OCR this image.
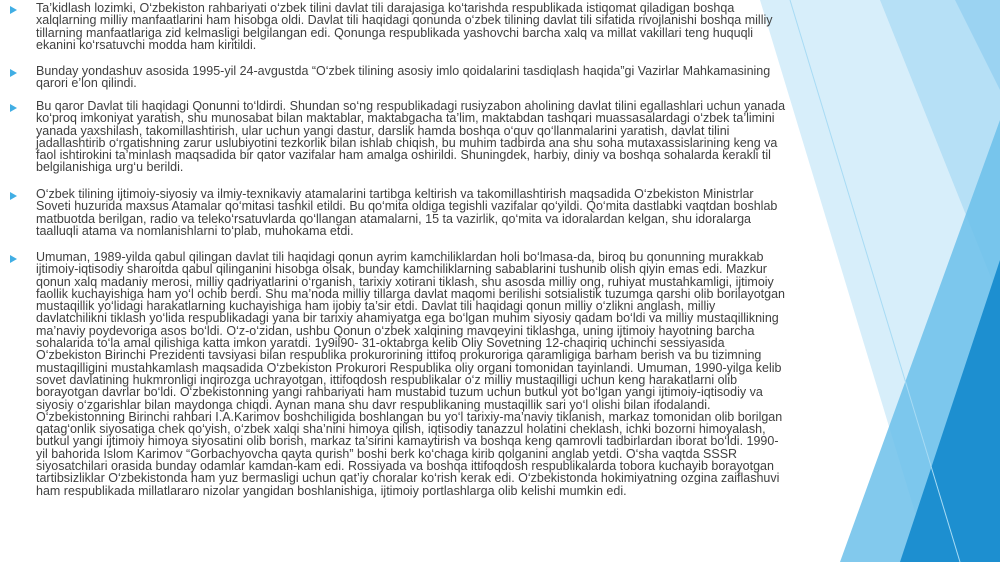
Ta’kidlash lozimki, O‘zbekiston rahbariyati o‘zbek tilini davlat tili darajasiga ko‘tarishda respublikada istiqomat qiladigan boshqa xalqlarning milliy manfaatlarini ham hisobga oldi. Davlat tili haqidagi qonunda o‘zbek tilining davlat tili sifatida rivojlanishi boshqa milliy tillarning manfaatlariga zid kelmasligi belgilangan edi. Qonunga respublikada yashovchi barcha xalq va millat vakillari teng huquqli ekanini ko‘rsatuvchi modda ham kiritildi.

Bunday yondashuv asosida 1995-yil 24-avgustda “O‘zbek tilining asosiy imlo qoidalarini tasdiqlash haqida”gi Vazirlar Mahkamasining qarori e’lon qilindi.

Bu qaror Davlat tili haqidagi Qonunni to‘ldirdi. Shundan so‘ng respublikadagi rusiyzabon aholining davlat tilini egallashlari uchun yanada ko‘proq imkoniyat yaratish, shu munosabat bilan maktablar, maktabgacha ta’lim, maktabdan tashqari muassasalardagi o‘zbek ta’limini yanada yaxshilash, takomillashtirish, ular uchun yangi dastur, darslik hamda boshqa o‘quv qo‘llanmalarini yaratish, davlat tilini jadallashtirib o‘rgatishning zarur uslubiyotini tezkorlik bilan ishlab chiqish, bu muhim tadbirda ana shu soha mutaxassislarining keng va faol ishtirokini ta’minlash maqsadida bir qator vazifalar ham amalga oshirildi. Shuningdek, harbiy, diniy va boshqa sohalarda kerakli til belgilanishiga urg‘u berildi.

O‘zbek tilining ijtimoiy-siyosiy va ilmiy-texnikaviy atamalarini tartibga keltirish va takomillashtirish maqsadida O‘zbekiston Ministrlar Soveti huzurida maxsus Atamalar qo‘mitasi tashkil etildi. Bu qo‘mita oldiga tegishli vazifalar qo‘yildi. Qo‘mita dastlabki vaqtdan boshlab matbuotda berilgan, radio va teleko‘rsatuvlarda qo‘llangan atamalarni, 15 ta vazirlik, qo‘mita va idoralardan kelgan, shu idoralarga taalluqli atama va nomlanishlarni to‘plab, muhokama etdi.

Umuman, 1989-yilda qabul qilingan davlat tili haqidagi qonun ayrim kamchiliklardan holi bo‘lmasa-da, biroq bu qonunning murakkab ijtimoiy-iqtisodiy sharoitda qabul qilinganini hisobga olsak, bunday kamchiliklarning sabablarini tushunib olish qiyin emas edi. Mazkur qonun xalq madaniy merosi, milliy qadriyatlarini o‘rganish, tarixiy xotirani tiklash, shu asosda milliy ong, ruhiyat mustahkamligi, ijtimoiy faollik kuchayishiga ham yo‘l ochib berdi. Shu ma’noda milliy tillarga davlat maqomi berilishi sotsialistik tuzumga qarshi olib borilayotgan mustaqillik yo‘lidagi harakatlarning kuchayishiga ham ijobiy ta’sir etdi. Davlat tili haqidagi qonun milliy o‘zlikni anglash, milliy davlatchilikni tiklash yo‘lida respublikadagi yana bir tarixiy ahamiyatga ega bo‘lgan muhim siyosiy qadam bo‘ldi va milliy mustaqillikning ma’naviy poydevoriga asos bo‘ldi. O‘z-o‘zidan, ushbu Qonun o‘zbek xalqining mavqeyini tiklashga, uning ijtimoiy hayotning barcha sohalarida to‘la amal qilishiga katta imkon yaratdi. 1y9il90- 31-oktabrga kelib Oliy Sovetning 12-chaqiriq uchinchi sessiyasida O‘zbekiston Birinchi Prezidenti tavsiyasi bilan respublika prokurorining ittifoq prokuroriga qaramligiga barham berish va bu tizimning mustaqilligini mustahkamlash maqsadida O‘zbekiston Prokurori Respublika oliy organi tomonidan tayinlandi. Umuman, 1990-yilga kelib sovet davlatining hukmronligi inqirozga uchrayotgan, ittifoqdosh respublikalar o‘z milliy mustaqilligi uchun keng harakatlarni olib borayotgan davrlar bo‘ldi. O‘zbekistonning yangi rahbariyati ham mustabid tuzum uchun butkul yot bo‘lgan yangi ijtimoiy-iqtisodiy va siyosiy o‘zgarishlar bilan maydonga chiqdi. Aynan mana shu davr respublikaning mustaqillik sari yo‘l olishi bilan ifodalandi. O‘zbekistonning Birinchi rahbari I.A.Karimov boshchiligida boshlangan bu yo‘l tarixiy-ma’naviy tiklanish, markaz tomonidan olib borilgan qatag‘onlik siyosatiga chek qo‘yish, o‘zbek xalqi sha’nini himoya qilish, iqtisodiy tanazzul holatini cheklash, ichki bozorni himoyalash, butkul yangi ijtimoiy himoya siyosatini olib borish, markaz ta’sirini kamaytirish va boshqa keng qamrovli tadbirlardan iborat bo‘ldi. 1990-yil bahorida Islom Karimov “Gorbachyovcha qayta qurish” boshi berk ko‘chaga kirib qolganini anglab yetdi. O‘sha vaqtda SSSR siyosatchilari orasida bunday odamlar kamdan-kam edi. Rossiyada va boshqa ittifoqdosh respublikalarda tobora kuchayib borayotgan tartibsizliklar O‘zbekistonda ham yuz bermasligi uchun qat’iy choralar ko‘rish kerak edi. O‘zbekistonda hokimiyatning ozgina zaiflashuvi ham respublikada millatlararo nizolar yangidan boshlanishiga, ijtimoiy portlashlarga olib kelishi mumkin edi.
